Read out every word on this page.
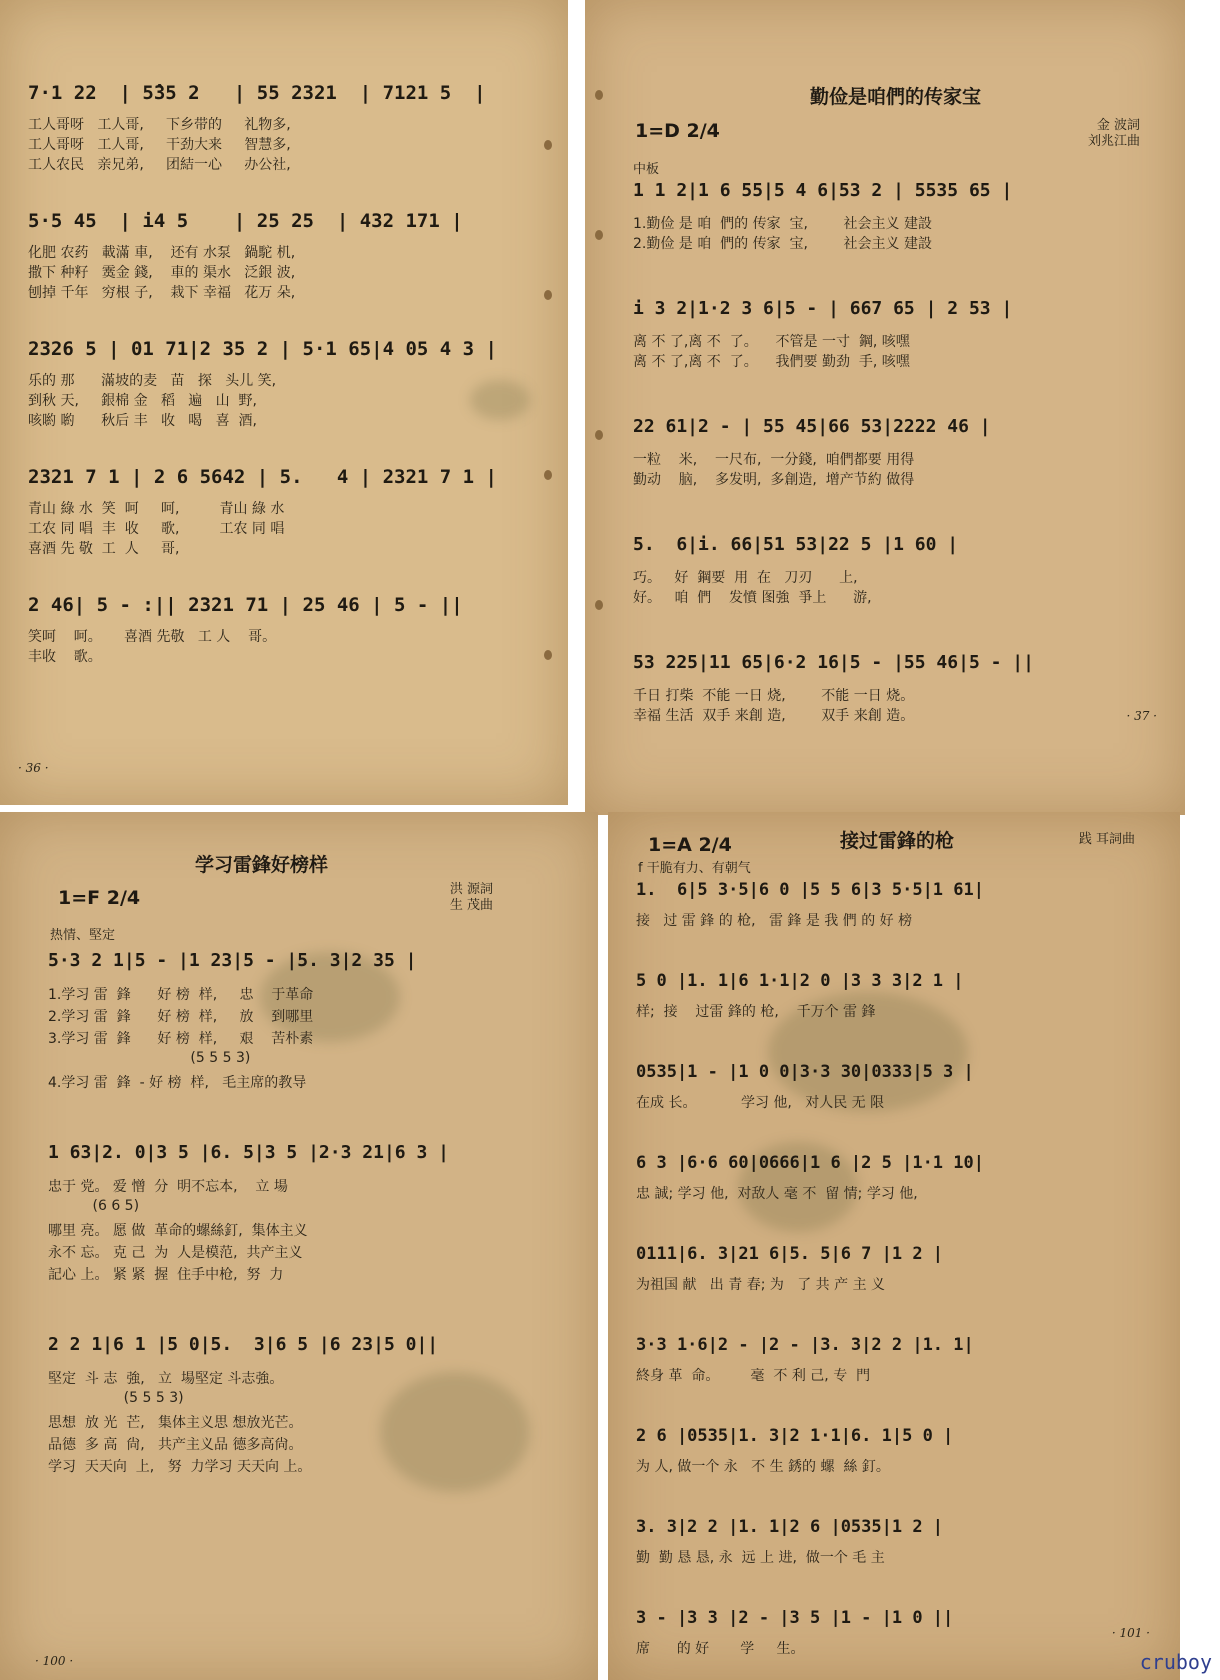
7·1 22  | 5̂35 2   | 55 2321  | 7121 5  |
工人哥呀   工人哥,     下乡带的     礼物多,
工人哥呀   工人哥,     干劲大来     智慧多,
工人农民   亲兄弟,     团結一心     办公社,
5·5 45  | i4 5    | 25 25  | 432 171 |
化肥 农药   載滿 車,    还有 水泵   鍋駝 机,
撒下 种籽   霙金 錢,    車的 渠水   泛銀 波,
刨掉 千年   穷根 子,    栽下 幸福   花万 朵,
2326 5 | 01 71|2 35 2 | 5·1 65|4 05 4 3 |
乐的 那      滿坡的麦   苗   探   头儿 笑,
到秋 天,     銀棉 金   稻   遍   山  野,
咳喲 喲      秋后 丰   收   喝   喜  酒,
2321 7 1 | 2 6 5642 | 5.   4 | 2321 7 1 |
青山 綠 水  笑  呵     呵,         青山 綠 水
工农 同 唱  丰  收     歌,         工农 同 唱
喜酒 先 敬  工  人     哥,
2 46| 5 - :|| 2321 71 | 25 46 | 5 - ||
笑呵    呵。     喜酒 先敬   工 人    哥。
丰收    歌。
· 36 ·
勤俭是咱們的传家宝
1=D 2/4	金 波詞
刘兆江曲
中板
1 1 2|1 6 55|5 4 6|53 2 | 5535 65 |
1.勤俭 是 咱  們的 传家  宝,        社会主义 建設
2.勤俭 是 咱  們的 传家  宝,        社会主义 建設
i 3 2|1·2 3 6|5 - | 667 65 | 2 53 |
离 不 了,离 不  了。    不管是 一寸  鋼, 咳嘿
离 不 了,离 不  了。    我們要 勤劲  手, 咳嘿
22 61|2 - | 55 45|66 53|2222 46 |
一粒    米,    一尺布,  一分錢,  咱們都要 用得
勤动    脑,    多发明,  多創造,  增产节約 做得
5.  6|i. 66|51 53|22 5 |1 60 |
巧。   好  鋼要  用  在   刀刃      上,
好。   咱  們    发憤 图強  爭上      游,
53 225|11 65|6·2 16|5 - |55 46|5 - ||
千日 打柴  不能 一日 烧,        不能 一日 烧。
幸福 生活  双手 来創 造,        双手 来創 造。	· 37 ·
学习雷鋒好榜样
1=F 2/4	洪 源詞
生 茂曲
热情、堅定
5·3 2 1|5 - |1 23|5 - |5. 3|2 35 |
1.学习 雷  鋒      好 榜  样,     忠    于革命
2.学习 雷  鋒      好 榜  样,     放    到哪里
3.学习 雷  鋒      好 榜  样,     艰    苦朴素
(5 5 5 3)
4.学习 雷  鋒  - 好 榜  样,   毛主席的教导
1 63|2. 0|3 5 |6. 5|3 5 |2·3 21|6 3 |
忠于 党。 爱 憎  分  明不忘本,    立 場
(6 6 5)
哪里 亮。 愿 做  革命的螺絲釘,  集体主义
永不 忘。 克 己  为  人是模范,  共产主义
記心 上。 紧 紧  握  住手中枪,  努  力
2 2 1|6 1 |5 0|5.  3|6 5 |6 23|5 0||
堅定  斗 志  強,   立  場堅定 斗志強。
(5 5 5 3)
思想  放 光  芒,   集体主义思 想放光芒。
品德  多 高  尙,   共产主义品 德多高尙。
学习  天天向  上,   努  力学习 天天向 上。
· 100 ·
1=A 2/4	接过雷鋒的枪	践 耳詞曲
f 干脆有力、有朝气
1.  6|5 3·5|6 0 |5 5 6|3 5·5|1 61|
接   过 雷 鋒 的 枪,   雷 鋒 是 我 們 的 好 榜
5 0 |1. 1|6 1·1|2 0 |3 3 3|2 1 |
样;  接    过雷 鋒的 枪,    千万个 雷 鋒
0535|1 - |1 0 0|3·3 30|0333|5 3 |
在成 长。          学习 他,   对人民 无 限
6 3 |6·6 60|0666|1 6 |2 5 |1·1 10|
忠 誠; 学习 他,  对敌人 毫 不  留 情; 学习 他,
0111|6. 3|21 6|5. 5|6 7 |1 2 |
为祖国 献   出 青 春; 为   了 共 产 主 义
3·3 1·6|2 - |2 - |3. 3|2 2 |1. 1|
終身 革  命。       毫  不 利 己, 专  門
2 6 |0535|1. 3|2 1·1|6. 1|5 0 |
为 人, 做一个 永   不 生 銹的 螺  絲 釘。
3. 3|2 2 |1. 1|2 6 |0535|1 2 |
勤  勤 恳 恳, 永  远 上 进,  做一个 毛 主
3 - |3 3 |2 - |3 5 |1 - |1 0 ||
席      的 好       学     生。
· 101 ·
cruboy
